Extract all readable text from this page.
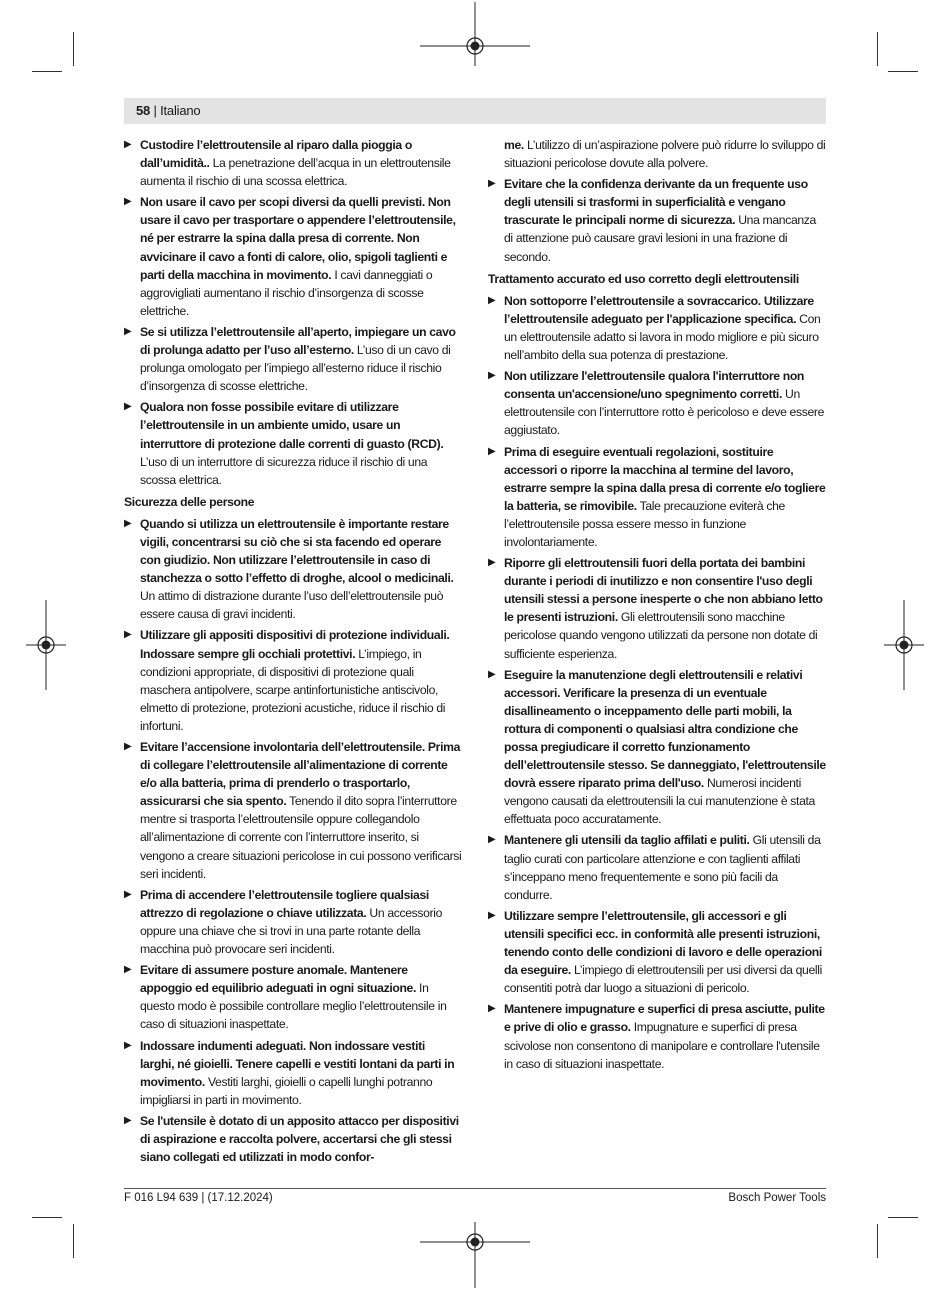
58 | Italiano
▶ Custodire l’elettroutensile al riparo dalla pioggia o dall’umidità.. La penetrazione dell’acqua in un elettroutensile aumenta il rischio di una scossa elettrica.
▶ Non usare il cavo per scopi diversi da quelli previsti. Non usare il cavo per trasportare o appendere l’elettroutensile, né per estrarre la spina dalla presa di corrente. Non avvicinare il cavo a fonti di calore, olio, spigoli taglienti e parti della macchina in movimento. I cavi danneggiati o aggrovigliati aumentano il rischio d’insorgenza di scosse elettriche.
▶ Se si utilizza l’elettroutensile all’aperto, impiegare un cavo di prolunga adatto per l’uso all’esterno. L’uso di un cavo di prolunga omologato per l’impiego all’esterno riduce il rischio d’insorgenza di scosse elettriche.
▶ Qualora non fosse possibile evitare di utilizzare l’elettroutensile in un ambiente umido, usare un interruttore di protezione dalle correnti di guasto (RCD). L’uso di un interruttore di sicurezza riduce il rischio di una scossa elettrica.
Sicurezza delle persone
▶ Quando si utilizza un elettroutensile è importante restare vigili, concentrarsi su ciò che si sta facendo ed operare con giudizio. Non utilizzare l’elettroutensile in caso di stanchezza o sotto l’effetto di droghe, alcool o medicinali. Un attimo di distrazione durante l’uso dell’elettroutensile può essere causa di gravi incidenti.
▶ Utilizzare gli appositi dispositivi di protezione individuali. Indossare sempre gli occhiali protettivi. L’impiego, in condizioni appropriate, di dispositivi di protezione quali maschera antipolvere, scarpe antinfortunistiche antiscivolo, elmetto di protezione, protezioni acustiche, riduce il rischio di infortuni.
▶ Evitare l’accensione involontaria dell’elettroutensile. Prima di collegare l’elettroutensile all’alimentazione di corrente e/o alla batteria, prima di prenderlo o trasportarlo, assicurarsi che sia spento. Tenendo il dito sopra l’interruttore mentre si trasporta l’elettroutensile oppure collegandolo all’alimentazione di corrente con l’interruttore inserito, si vengono a creare situazioni pericolose in cui possono verificarsi seri incidenti.
▶ Prima di accendere l’elettroutensile togliere qualsiasi attrezzo di regolazione o chiave utilizzata. Un accessorio oppure una chiave che si trovi in una parte rotante della macchina può provocare seri incidenti.
▶ Evitare di assumere posture anomale. Mantenere appoggio ed equilibrio adeguati in ogni situazione. In questo modo è possibile controllare meglio l’elettroutensile in caso di situazioni inaspettate.
▶ Indossare indumenti adeguati. Non indossare vestiti larghi, né gioielli. Tenere capelli e vestiti lontani da parti in movimento. Vestiti larghi, gioielli o capelli lunghi potranno impigliarsi in parti in movimento.
▶ Se l'utensile è dotato di un apposito attacco per dispositivi di aspirazione e raccolta polvere, accertarsi che gli stessi siano collegati ed utilizzati in modo confor-
me. L’utilizzo di un’aspirazione polvere può ridurre lo sviluppo di situazioni pericolose dovute alla polvere.
▶ Evitare che la confidenza derivante da un frequente uso degli utensili si trasformi in superficialità e vengano trascurate le principali norme di sicurezza. Una mancanza di attenzione può causare gravi lesioni in una frazione di secondo.
Trattamento accurato ed uso corretto degli elettroutensili
▶ Non sottoporre l’elettroutensile a sovraccarico. Utilizzare l’elettroutensile adeguato per l'applicazione specifica. Con un elettroutensile adatto si lavora in modo migliore e più sicuro nell’ambito della sua potenza di prestazione.
▶ Non utilizzare l'elettroutensile qualora l'interruttore non consenta un'accensione/uno spegnimento corretti. Un elettroutensile con l’interruttore rotto è pericoloso e deve essere aggiustato.
▶ Prima di eseguire eventuali regolazioni, sostituire accessori o riporre la macchina al termine del lavoro, estrarre sempre la spina dalla presa di corrente e/o togliere la batteria, se rimovibile. Tale precauzione eviterà che l’elettroutensile possa essere messo in funzione involontariamente.
▶ Riporre gli elettroutensili fuori della portata dei bambini durante i periodi di inutilizzo e non consentire l'uso degli utensili stessi a persone inesperte o che non abbiano letto le presenti istruzioni. Gli elettroutensili sono macchine pericolose quando vengono utilizzati da persone non dotate di sufficiente esperienza.
▶ Eseguire la manutenzione degli elettroutensili e relativi accessori. Verificare la presenza di un eventuale disallineamento o inceppamento delle parti mobili, la rottura di componenti o qualsiasi altra condizione che possa pregiudicare il corretto funzionamento dell’elettroutensile stesso. Se danneggiato, l'elettroutensile dovrà essere riparato prima dell'uso. Numerosi incidenti vengono causati da elettroutensili la cui manutenzione è stata effettuata poco accuratamente.
▶ Mantenere gli utensili da taglio affilati e puliti. Gli utensili da taglio curati con particolare attenzione e con taglienti affilati s’inceppano meno frequentemente e sono più facili da condurre.
▶ Utilizzare sempre l’elettroutensile, gli accessori e gli utensili specifici ecc. in conformità alle presenti istruzioni, tenendo conto delle condizioni di lavoro e delle operazioni da eseguire. L’impiego di elettroutensili per usi diversi da quelli consentiti potrà dar luogo a situazioni di pericolo.
▶ Mantenere impugnature e superfici di presa asciutte, pulite e prive di olio e grasso. Impugnature e superfici di presa scivolose non consentono di manipolare e controllare l'utensile in caso di situazioni inaspettate.
F 016 L94 639 | (17.12.2024)	Bosch Power Tools
